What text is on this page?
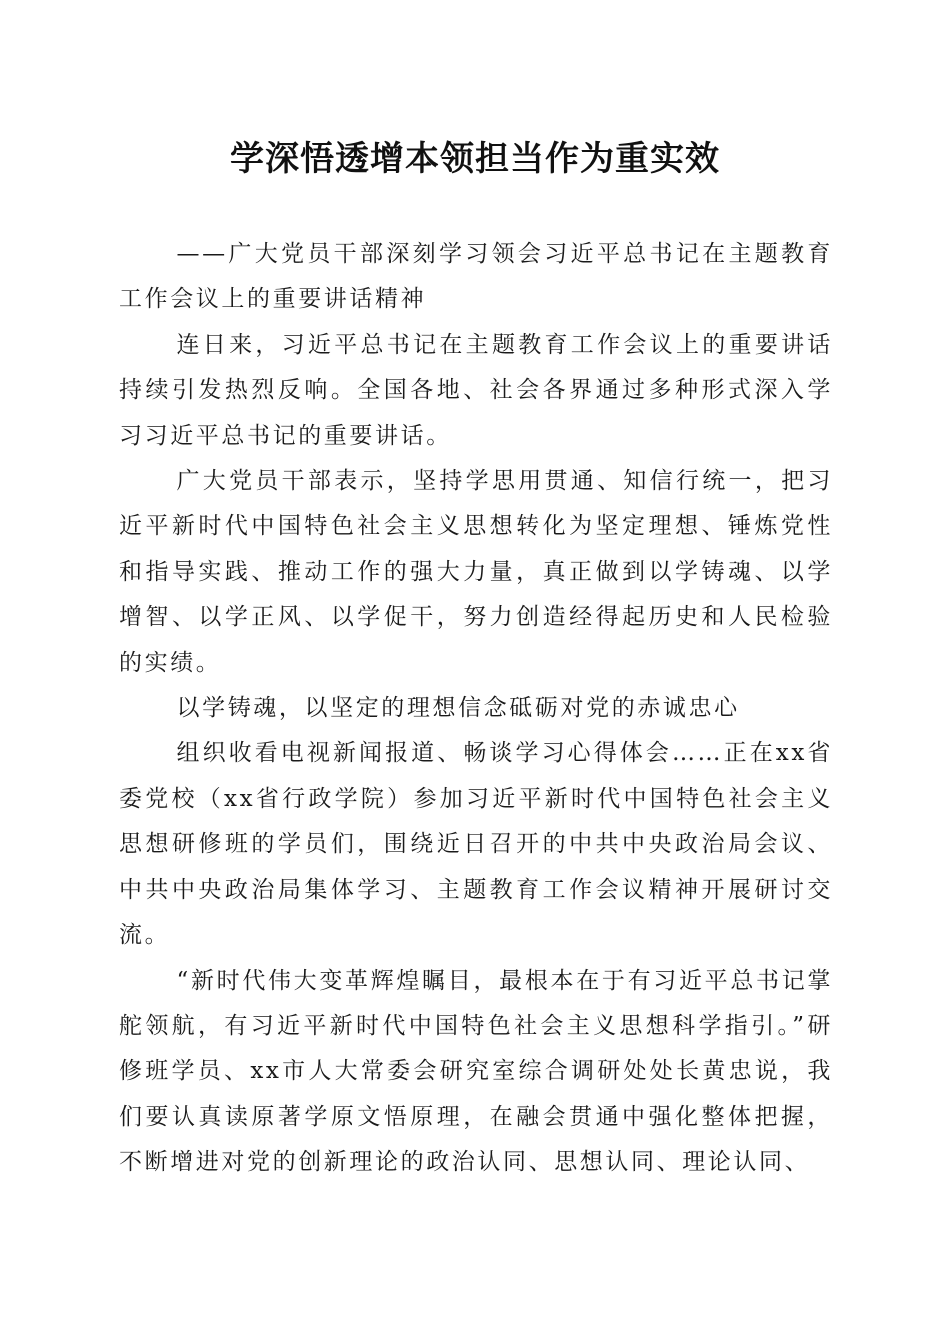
学深悟透增本领担当作为重实效

——广大党员干部深刻学习领会习近平总书记在主题教育工作会议上的重要讲话精神

连日来，习近平总书记在主题教育工作会议上的重要讲话持续引发热烈反响。全国各地、社会各界通过多种形式深入学习习近平总书记的重要讲话。

广大党员干部表示，坚持学思用贯通、知信行统一，把习近平新时代中国特色社会主义思想转化为坚定理想、锤炼党性和指导实践、推动工作的强大力量，真正做到以学铸魂、以学增智、以学正风、以学促干，努力创造经得起历史和人民检验的实绩。

以学铸魂，以坚定的理想信念砥砺对党的赤诚忠心

组织收看电视新闻报道、畅谈学习心得体会……正在xx省委党校（xx省行政学院）参加习近平新时代中国特色社会主义思想研修班的学员们，围绕近日召开的中共中央政治局会议、中共中央政治局集体学习、主题教育工作会议精神开展研讨交流。

“新时代伟大变革辉煌瞩目，最根本在于有习近平总书记掌舵领航，有习近平新时代中国特色社会主义思想科学指引。”研修班学员、xx市人大常委会研究室综合调研处处长黄忠说，我们要认真读原著学原文悟原理，在融会贯通中强化整体把握，不断增进对党的创新理论的政治认同、思想认同、理论认同、
